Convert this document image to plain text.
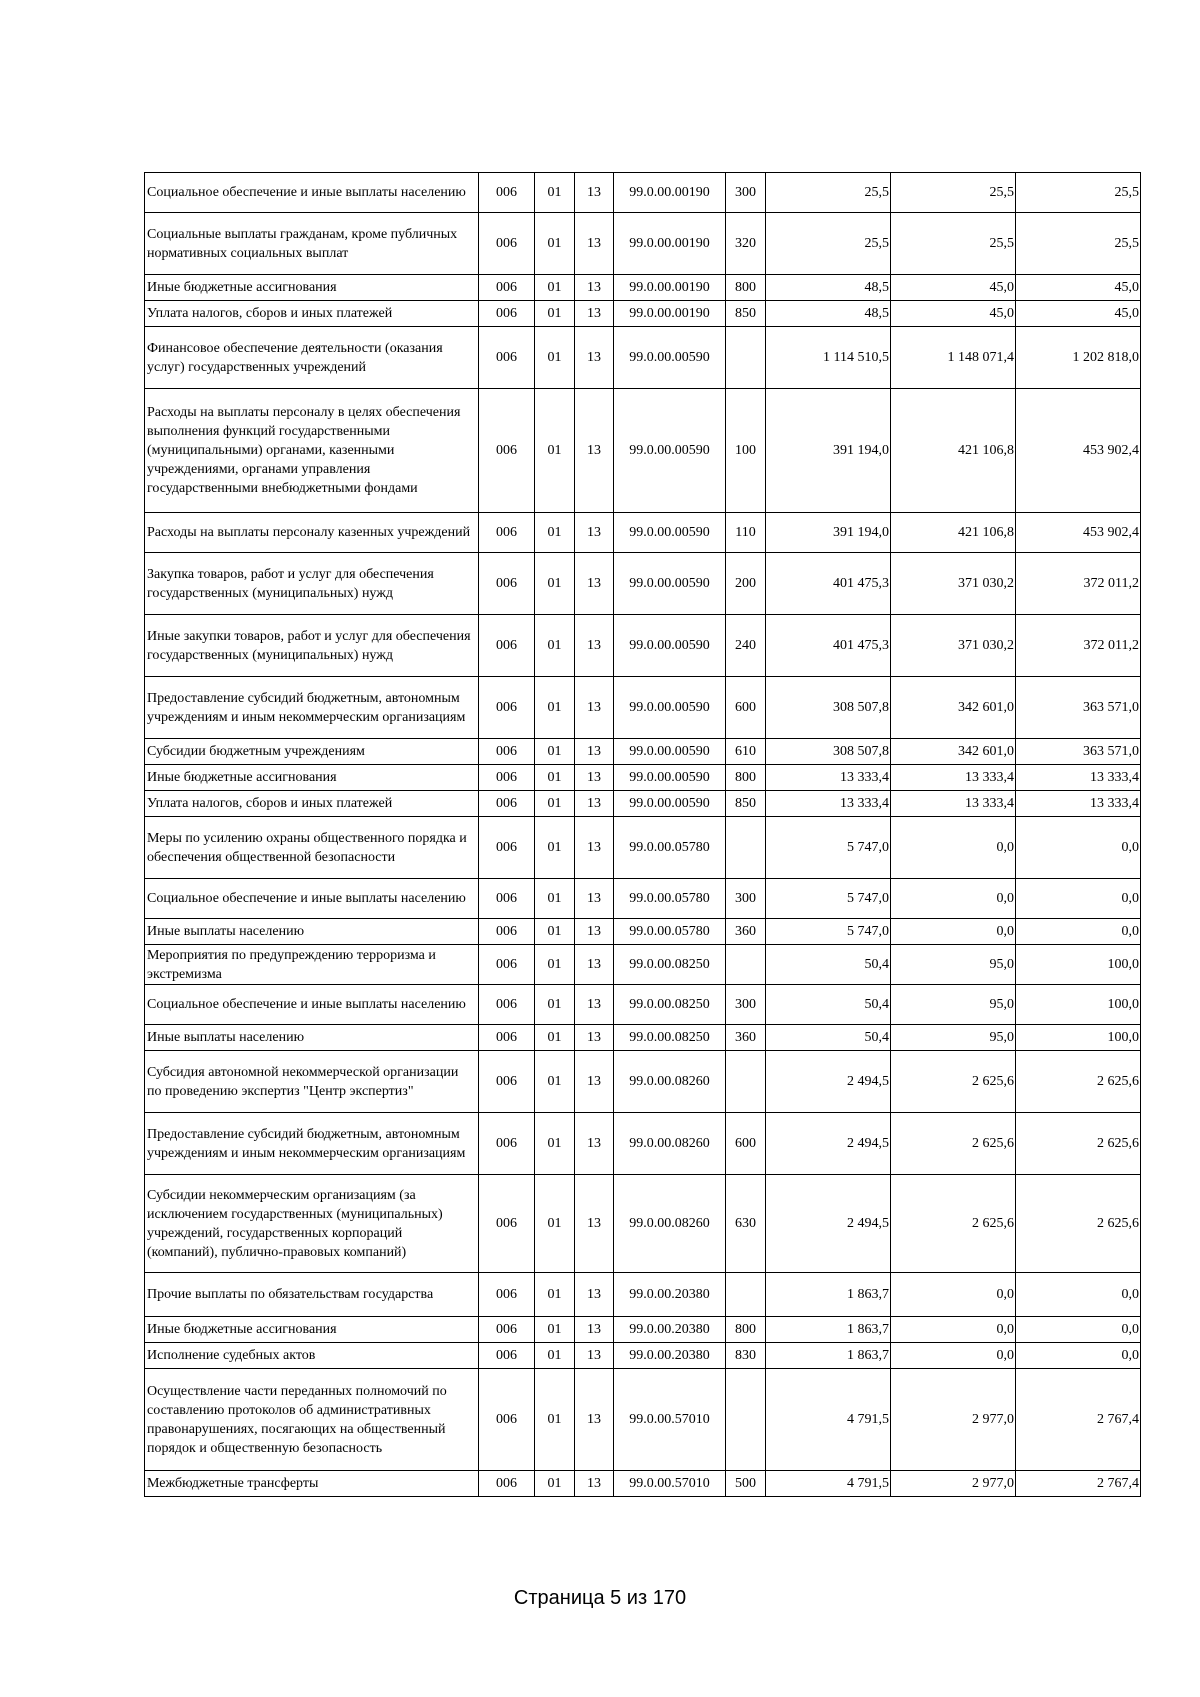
Социальное обеспечение и иные выплаты населению	006	01	13	99.0.00.00190	300	25,5	25,5	25,5
Социальные выплаты гражданам, кроме публичных нормативных социальных выплат	006	01	13	99.0.00.00190	320	25,5	25,5	25,5
Иные бюджетные ассигнования	006	01	13	99.0.00.00190	800	48,5	45,0	45,0
Уплата налогов, сборов и иных платежей	006	01	13	99.0.00.00190	850	48,5	45,0	45,0
Финансовое обеспечение деятельности (оказания услуг) государственных учреждений	006	01	13	99.0.00.00590		1 114 510,5	1 148 071,4	1 202 818,0
Расходы на выплаты персоналу в целях обеспечения выполнения функций государственными (муниципальными) органами, казенными учреждениями, органами управления государственными внебюджетными фондами	006	01	13	99.0.00.00590	100	391 194,0	421 106,8	453 902,4
Расходы на выплаты персоналу казенных учреждений	006	01	13	99.0.00.00590	110	391 194,0	421 106,8	453 902,4
Закупка товаров, работ и услуг для обеспечения государственных (муниципальных) нужд	006	01	13	99.0.00.00590	200	401 475,3	371 030,2	372 011,2
Иные закупки товаров, работ и услуг для обеспечения государственных (муниципальных) нужд	006	01	13	99.0.00.00590	240	401 475,3	371 030,2	372 011,2
Предоставление субсидий бюджетным, автономным учреждениям и иным некоммерческим организациям	006	01	13	99.0.00.00590	600	308 507,8	342 601,0	363 571,0
Субсидии бюджетным учреждениям	006	01	13	99.0.00.00590	610	308 507,8	342 601,0	363 571,0
Иные бюджетные ассигнования	006	01	13	99.0.00.00590	800	13 333,4	13 333,4	13 333,4
Уплата налогов, сборов и иных платежей	006	01	13	99.0.00.00590	850	13 333,4	13 333,4	13 333,4
Меры по усилению охраны общественного порядка и обеспечения общественной безопасности	006	01	13	99.0.00.05780		5 747,0	0,0	0,0
Социальное обеспечение и иные выплаты населению	006	01	13	99.0.00.05780	300	5 747,0	0,0	0,0
Иные выплаты населению	006	01	13	99.0.00.05780	360	5 747,0	0,0	0,0
Мероприятия по предупреждению терроризма и экстремизма	006	01	13	99.0.00.08250		50,4	95,0	100,0
Социальное обеспечение и иные выплаты населению	006	01	13	99.0.00.08250	300	50,4	95,0	100,0
Иные выплаты населению	006	01	13	99.0.00.08250	360	50,4	95,0	100,0
Субсидия автономной некоммерческой организации по проведению экспертиз "Центр экспертиз"	006	01	13	99.0.00.08260		2 494,5	2 625,6	2 625,6
Предоставление субсидий бюджетным, автономным учреждениям и иным некоммерческим организациям	006	01	13	99.0.00.08260	600	2 494,5	2 625,6	2 625,6
Субсидии некоммерческим организациям (за исключением государственных (муниципальных) учреждений, государственных корпораций (компаний), публично-правовых компаний)	006	01	13	99.0.00.08260	630	2 494,5	2 625,6	2 625,6
Прочие выплаты по обязательствам государства	006	01	13	99.0.00.20380		1 863,7	0,0	0,0
Иные бюджетные ассигнования	006	01	13	99.0.00.20380	800	1 863,7	0,0	0,0
Исполнение судебных актов	006	01	13	99.0.00.20380	830	1 863,7	0,0	0,0
Осуществление части переданных полномочий по составлению протоколов об административных правонарушениях, посягающих на общественный порядок и общественную безопасность	006	01	13	99.0.00.57010		4 791,5	2 977,0	2 767,4
Межбюджетные трансферты	006	01	13	99.0.00.57010	500	4 791,5	2 977,0	2 767,4
Страница 5 из 170
